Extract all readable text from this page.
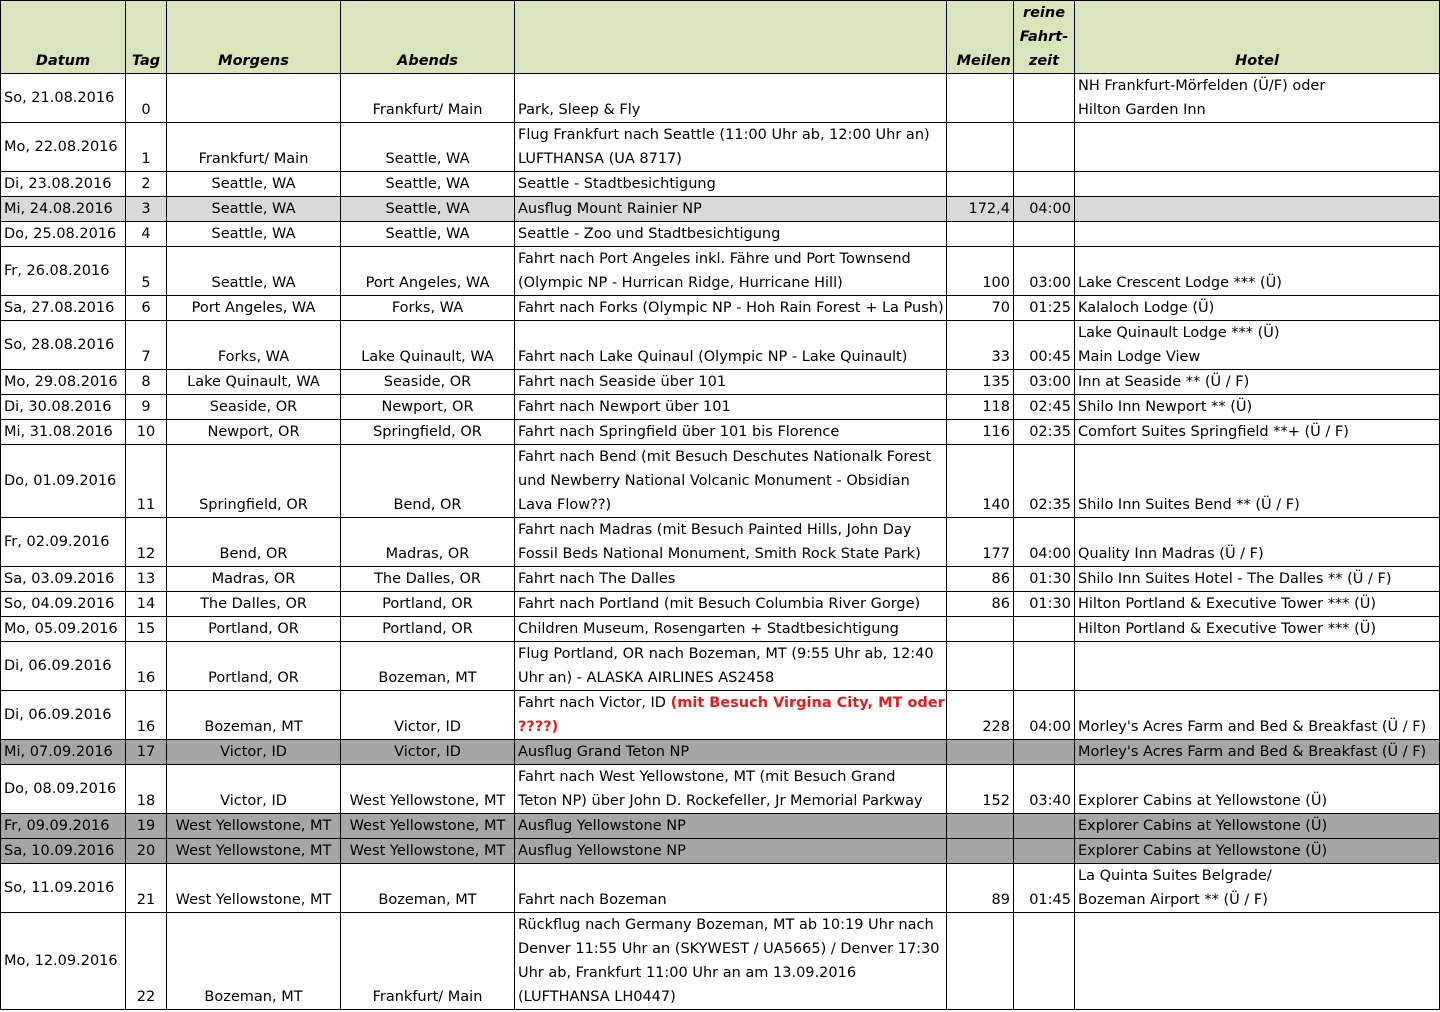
Datum	Tag	Morgens	Abends		Meilen	reine
Fahrt-
zeit	Hotel
So, 21.08.2016	0		Frankfurt/ Main	Park, Sleep & Fly			NH Frankfurt-Mörfelden (Ü/F) oder
Hilton Garden Inn
Mo, 22.08.2016	1	Frankfurt/ Main	Seattle, WA	Flug Frankfurt nach Seattle (11:00 Uhr ab, 12:00 Uhr an)
LUFTHANSA (UA 8717)			
Di, 23.08.2016	2	Seattle, WA	Seattle, WA	Seattle - Stadtbesichtigung			
Mi, 24.08.2016	3	Seattle, WA	Seattle, WA	Ausflug Mount Rainier NP	172,4	04:00	
Do, 25.08.2016	4	Seattle, WA	Seattle, WA	Seattle - Zoo und Stadtbesichtigung			
Fr, 26.08.2016	5	Seattle, WA	Port Angeles, WA	Fahrt nach Port Angeles inkl. Fähre und Port Townsend
(Olympic NP - Hurrican Ridge, Hurricane Hill)	100	03:00	Lake Crescent Lodge *** (Ü)
Sa, 27.08.2016	6	Port Angeles, WA	Forks, WA	Fahrt nach Forks (Olympic NP - Hoh Rain Forest + La Push)	70	01:25	Kalaloch Lodge (Ü)
So, 28.08.2016	7	Forks, WA	Lake Quinault, WA	Fahrt nach Lake Quinaul (Olympic NP - Lake Quinault)	33	00:45	Lake Quinault Lodge *** (Ü)
Main Lodge View
Mo, 29.08.2016	8	Lake Quinault, WA	Seaside, OR	Fahrt nach Seaside über 101	135	03:00	Inn at Seaside ** (Ü / F)
Di, 30.08.2016	9	Seaside, OR	Newport, OR	Fahrt nach Newport über 101	118	02:45	Shilo Inn Newport ** (Ü)
Mi, 31.08.2016	10	Newport, OR	Springfield, OR	Fahrt nach Springfield über 101 bis Florence	116	02:35	Comfort Suites Springfield **+ (Ü / F)
Do, 01.09.2016	11	Springfield, OR	Bend, OR	Fahrt nach Bend (mit Besuch Deschutes Nationalk Forest
und Newberry National Volcanic Monument - Obsidian
Lava Flow??)	140	02:35	Shilo Inn Suites Bend ** (Ü / F)
Fr, 02.09.2016	12	Bend, OR	Madras, OR	Fahrt nach Madras (mit Besuch Painted Hills, John Day
Fossil Beds National Monument, Smith Rock State Park)	177	04:00	Quality Inn Madras (Ü / F)
Sa, 03.09.2016	13	Madras, OR	The Dalles, OR	Fahrt nach The Dalles	86	01:30	Shilo Inn Suites Hotel - The Dalles ** (Ü / F)
So, 04.09.2016	14	The Dalles, OR	Portland, OR	Fahrt nach Portland (mit Besuch Columbia River Gorge)	86	01:30	Hilton Portland & Executive Tower *** (Ü)
Mo, 05.09.2016	15	Portland, OR	Portland, OR	Children Museum, Rosengarten + Stadtbesichtigung			Hilton Portland & Executive Tower *** (Ü)
Di, 06.09.2016	16	Portland, OR	Bozeman, MT	Flug Portland, OR nach Bozeman, MT (9:55 Uhr ab, 12:40
Uhr an) - ALASKA AIRLINES AS2458			
Di, 06.09.2016	16	Bozeman, MT	Victor, ID	Fahrt nach Victor, ID (mit Besuch Virgina City, MT oder
????)	228	04:00	Morley's Acres Farm and Bed & Breakfast (Ü / F)
Mi, 07.09.2016	17	Victor, ID	Victor, ID	Ausflug Grand Teton NP			Morley's Acres Farm and Bed & Breakfast (Ü / F)
Do, 08.09.2016	18	Victor, ID	West Yellowstone, MT	Fahrt nach West Yellowstone, MT (mit Besuch Grand
Teton NP) über John D. Rockefeller, Jr Memorial Parkway	152	03:40	Explorer Cabins at Yellowstone (Ü)
Fr, 09.09.2016	19	West Yellowstone, MT	West Yellowstone, MT	Ausflug Yellowstone NP			Explorer Cabins at Yellowstone (Ü)
Sa, 10.09.2016	20	West Yellowstone, MT	West Yellowstone, MT	Ausflug Yellowstone NP			Explorer Cabins at Yellowstone (Ü)
So, 11.09.2016	21	West Yellowstone, MT	Bozeman, MT	Fahrt nach Bozeman	89	01:45	La Quinta Suites Belgrade/
Bozeman Airport ** (Ü / F)
Mo, 12.09.2016	22	Bozeman, MT	Frankfurt/ Main	Rückflug nach Germany Bozeman, MT ab 10:19 Uhr nach
Denver 11:55 Uhr an (SKYWEST / UA5665) / Denver 17:30
Uhr ab, Frankfurt 11:00 Uhr an am 13.09.2016
(LUFTHANSA LH0447)			
